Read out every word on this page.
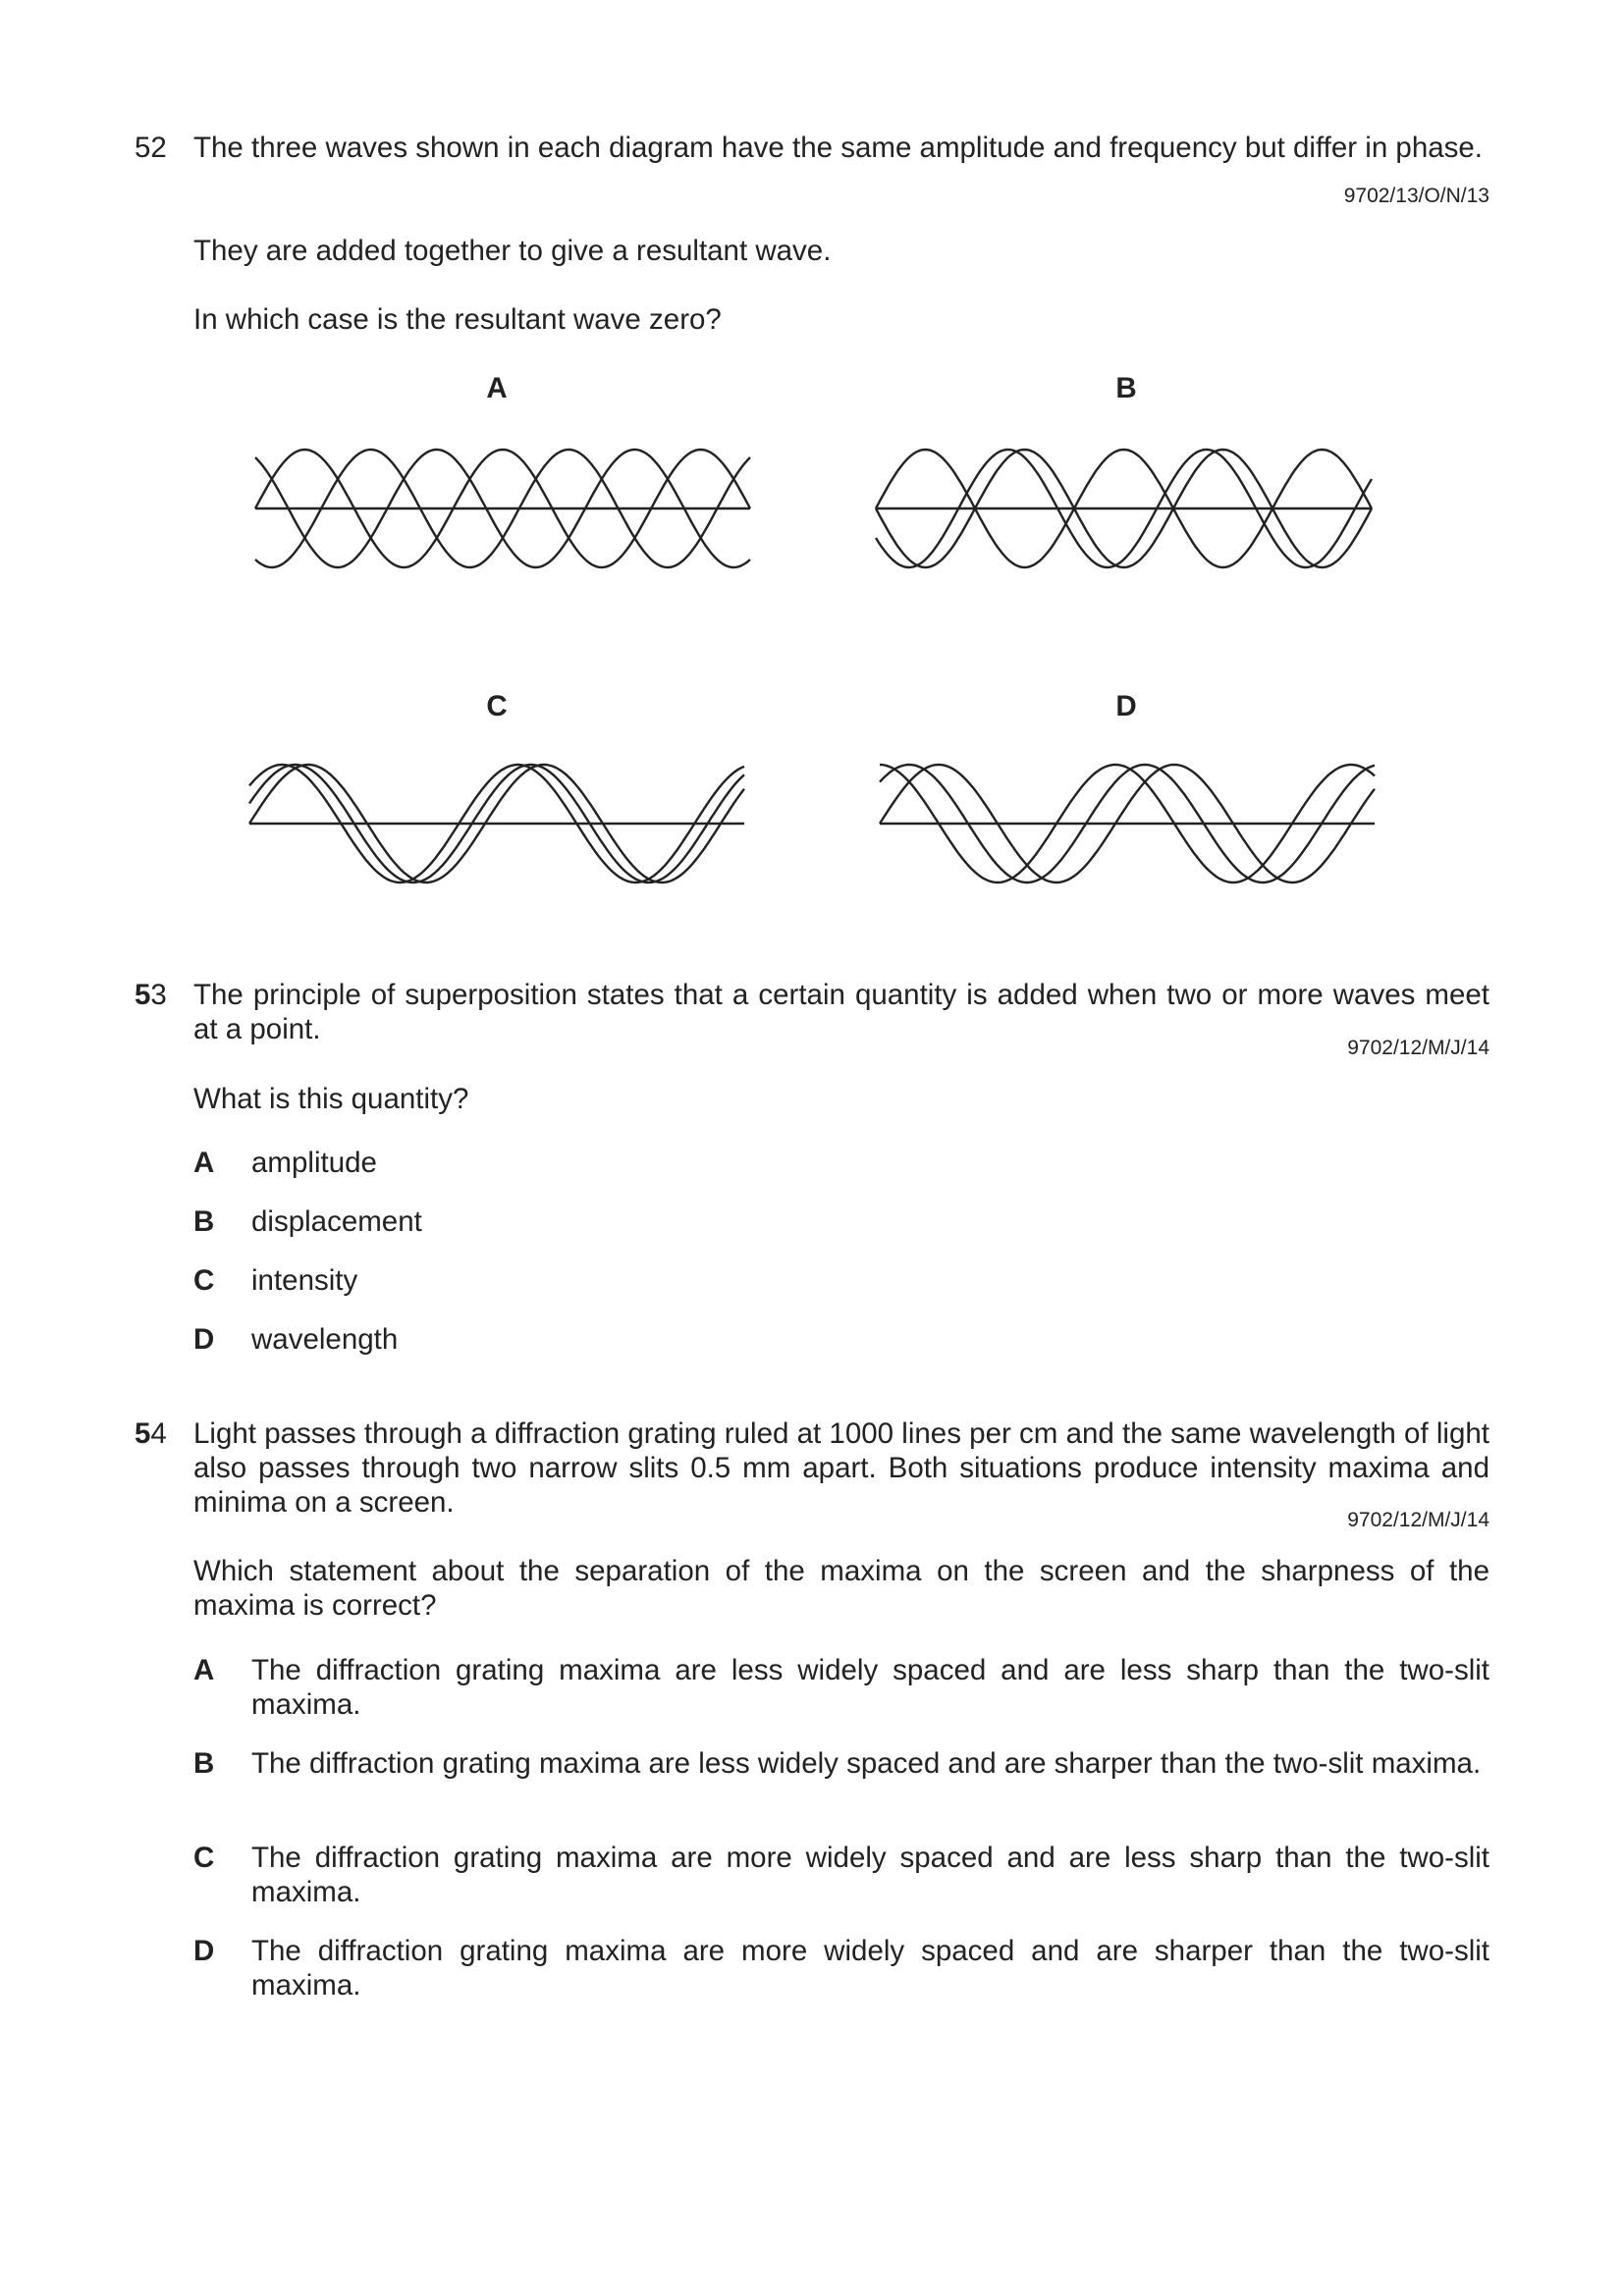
52 The three waves shown in each diagram have the same amplitude and frequency but differ in phase.

9702/13/O/N/13

They are added together to give a resultant wave.

In which case is the resultant wave zero?

A	B
C	D
53 The principle of superposition states that a certain quantity is added when two or more waves meet at a point.

9702/12/M/J/14

What is this quantity?

A amplitude
B displacement
C intensity
D wavelength
54 Light passes through a diffraction grating ruled at 1000 lines per cm and the same wavelength of light also passes through two narrow slits 0.5 mm apart. Both situations produce intensity maxima and minima on a screen.

9702/12/M/J/14

Which statement about the separation of the maxima on the screen and the sharpness of the maxima is correct?

A The diffraction grating maxima are less widely spaced and are less sharp than the two-slit maxima.
B The diffraction grating maxima are less widely spaced and are sharper than the two-slit maxima.
C The diffraction grating maxima are more widely spaced and are less sharp than the two-slit maxima.
D The diffraction grating maxima are more widely spaced and are sharper than the two-slit maxima.
